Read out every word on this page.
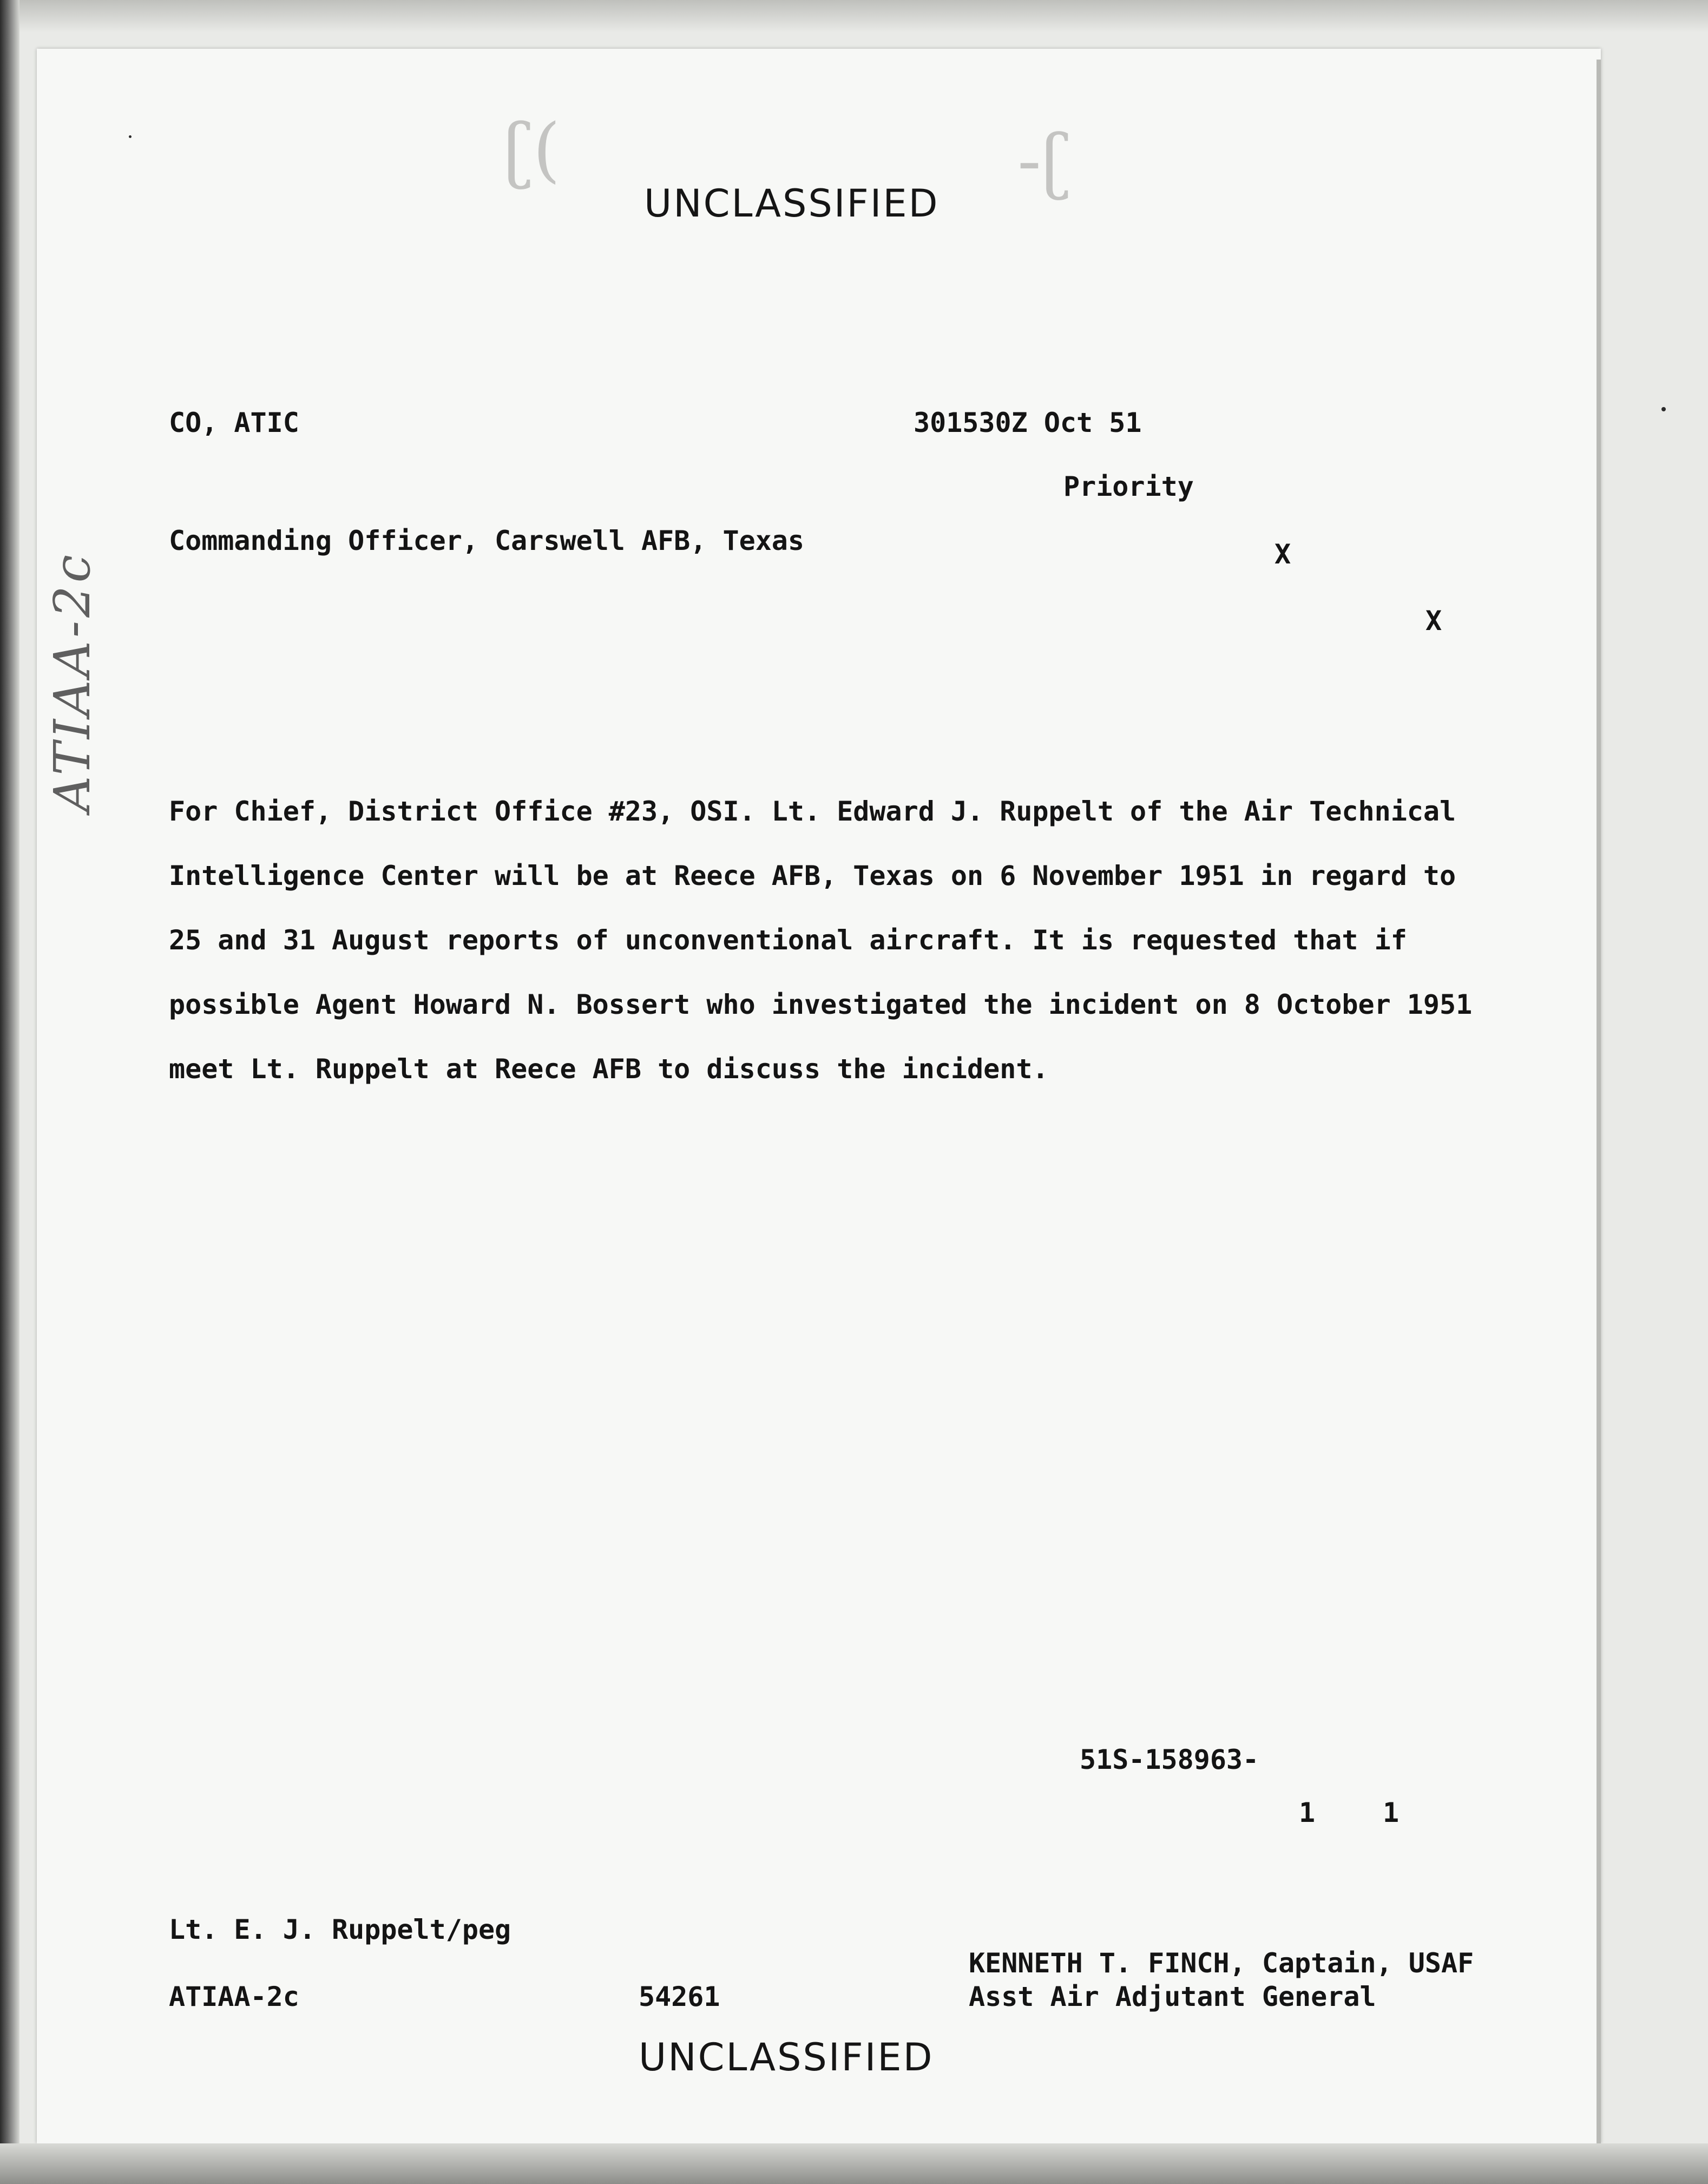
ʗ(	-ʗ
ATIAA-2c
UNCLASSIFIED
CO, ATIC	301530Z Oct 51
Priority
Commanding Officer, Carswell AFB, Texas	X
X
For Chief, District Office #23, OSI. Lt. Edward J. Ruppelt of the Air Technical
Intelligence Center will be at Reece AFB, Texas on 6 November 1951 in regard to
25 and 31 August reports of unconventional aircraft. It is requested that if
possible Agent Howard N. Bossert who investigated the incident on 8 October 1951
meet Lt. Ruppelt at Reece AFB to discuss the incident.
51S-158963-
1 1
Lt. E. J. Ruppelt/peg
ATIAA-2c	54261
KENNETH T. FINCH, Captain, USAF
Asst Air Adjutant General
UNCLASSIFIED
